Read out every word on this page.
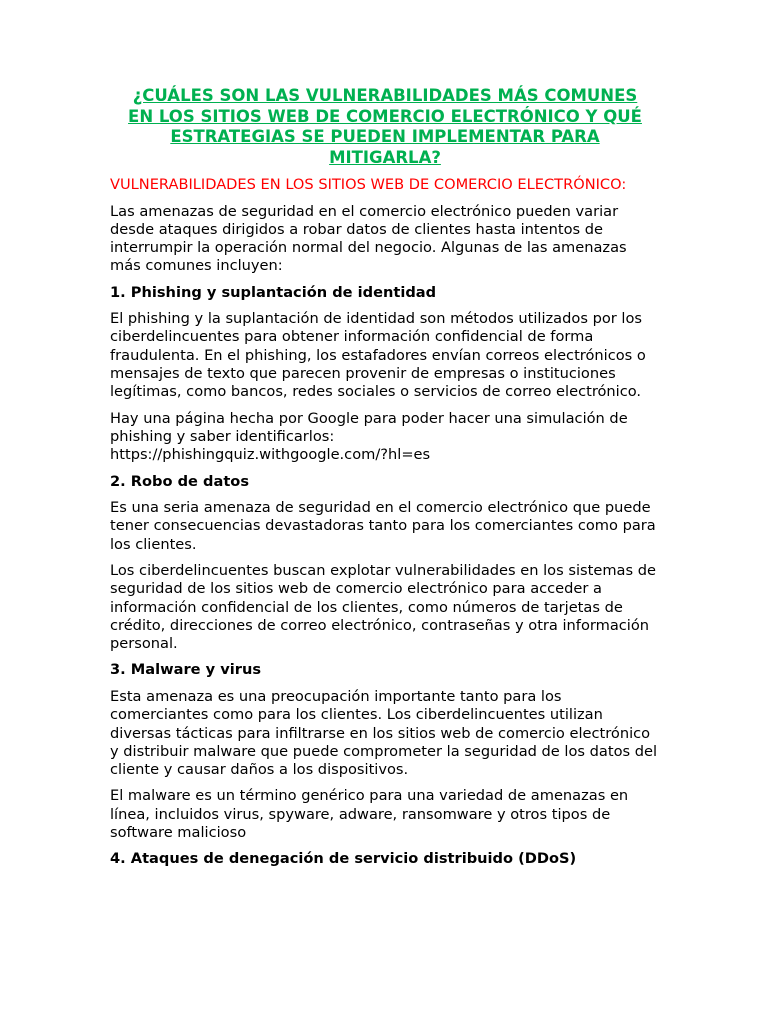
¿CUÁLES SON LAS VULNERABILIDADES MÁS COMUNES EN LOS SITIOS WEB DE COMERCIO ELECTRÓNICO Y QUÉ ESTRATEGIAS SE PUEDEN IMPLEMENTAR PARA MITIGARLA?
VULNERABILIDADES EN LOS SITIOS WEB DE COMERCIO ELECTRÓNICO:

Las amenazas de seguridad en el comercio electrónico pueden variar desde ataques dirigidos a robar datos de clientes hasta intentos de interrumpir la operación normal del negocio. Algunas de las amenazas más comunes incluyen:

1. Phishing y suplantación de identidad

El phishing y la suplantación de identidad son métodos utilizados por los ciberdelincuentes para obtener información confidencial de forma fraudulenta. En el phishing, los estafadores envían correos electrónicos o mensajes de texto que parecen provenir de empresas o instituciones legítimas, como bancos, redes sociales o servicios de correo electrónico.

Hay una página hecha por Google para poder hacer una simulación de phishing y saber identificarlos:
https://phishingquiz.withgoogle.com/?hl=es

2. Robo de datos

Es una seria amenaza de seguridad en el comercio electrónico que puede tener consecuencias devastadoras tanto para los comerciantes como para los clientes.

Los ciberdelincuentes buscan explotar vulnerabilidades en los sistemas de seguridad de los sitios web de comercio electrónico para acceder a información confidencial de los clientes, como números de tarjetas de crédito, direcciones de correo electrónico, contraseñas y otra información personal.

3. Malware y virus

Esta amenaza es una preocupación importante tanto para los comerciantes como para los clientes. Los ciberdelincuentes utilizan diversas tácticas para infiltrarse en los sitios web de comercio electrónico y distribuir malware que puede comprometer la seguridad de los datos del cliente y causar daños a los dispositivos.

El malware es un término genérico para una variedad de amenazas en línea, incluidos virus, spyware, adware, ransomware y otros tipos de software malicioso

4. Ataques de denegación de servicio distribuido (DDoS)
